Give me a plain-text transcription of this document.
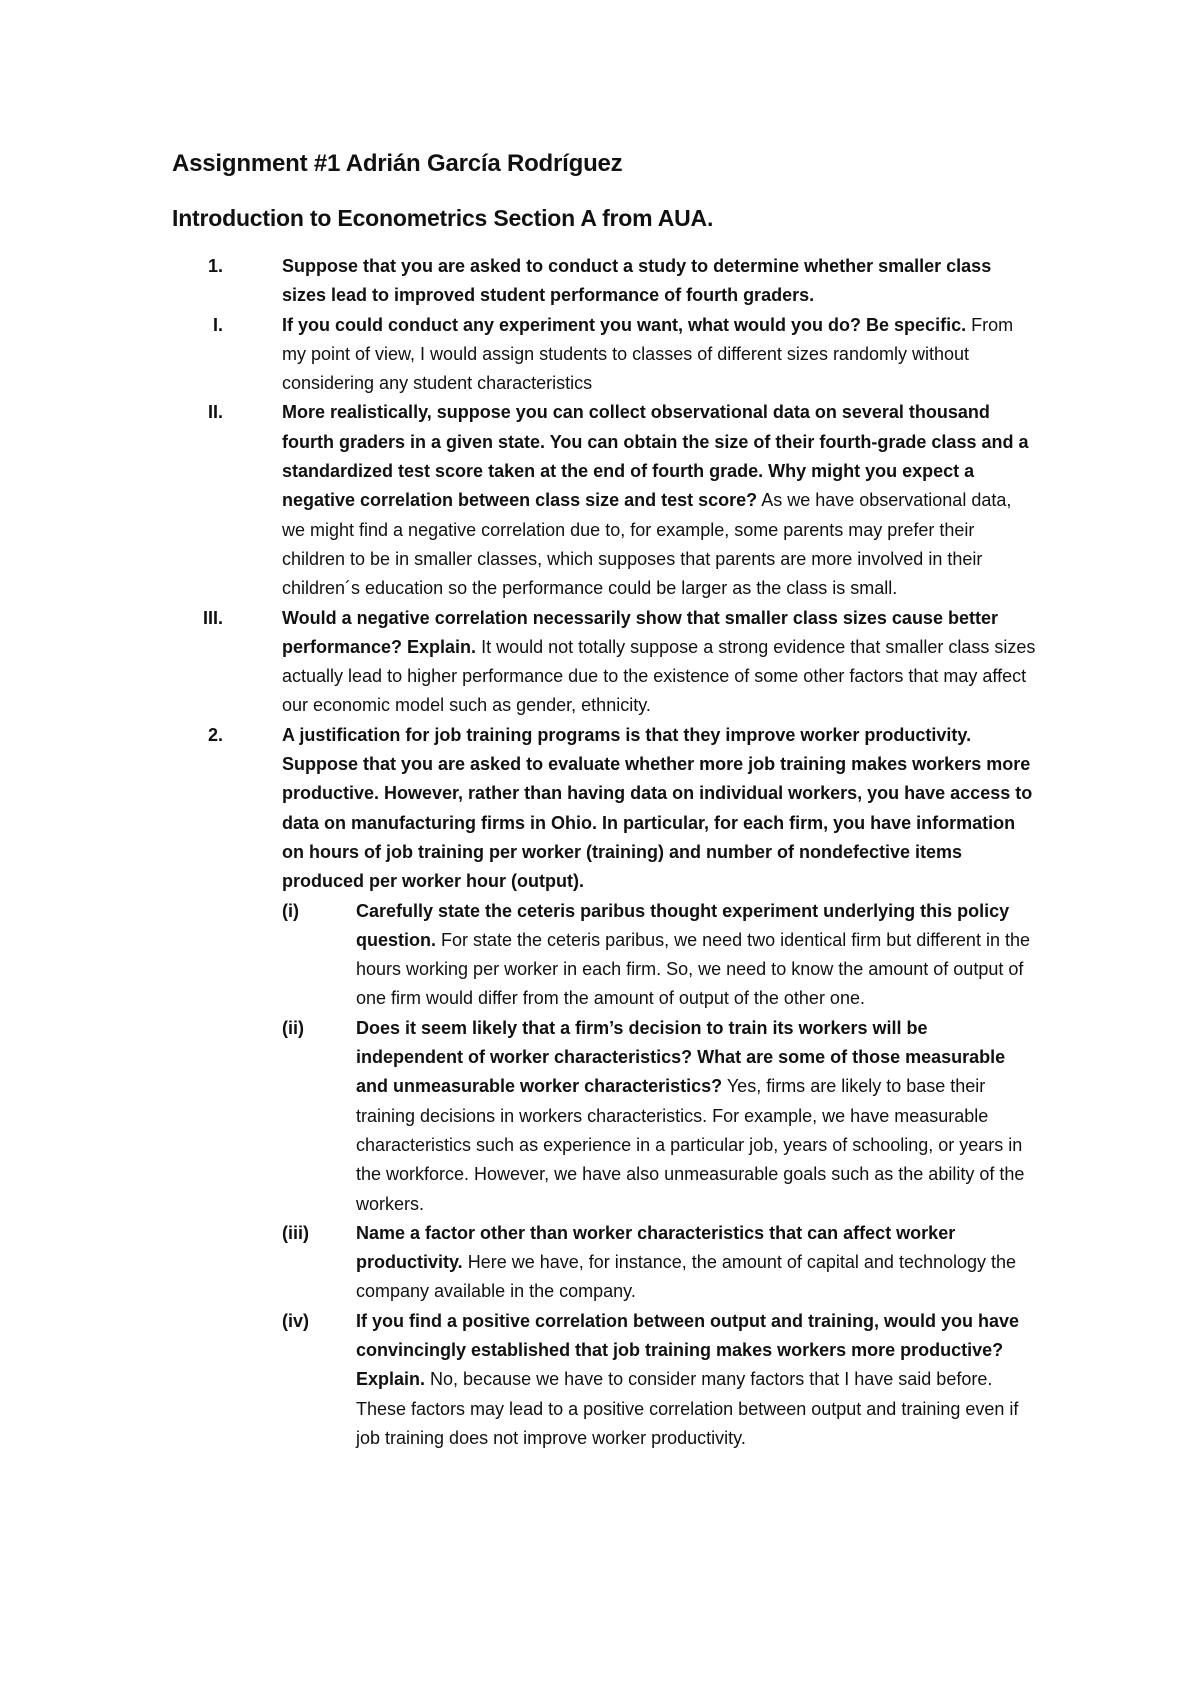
Assignment #1 Adrián García Rodríguez
Introduction to Econometrics Section A from AUA.
1.	Suppose that you are asked to conduct a study to determine whether smaller class sizes lead to improved student performance of fourth graders.
I.	If you could conduct any experiment you want, what would you do? Be specific. From my point of view, I would assign students to classes of different sizes randomly without considering any student characteristics
II.	More realistically, suppose you can collect observational data on several thousand fourth graders in a given state. You can obtain the size of their fourth-grade class and a standardized test score taken at the end of fourth grade. Why might you expect a negative correlation between class size and test score? As we have observational data, we might find a negative correlation due to, for example, some parents may prefer their children to be in smaller classes, which supposes that parents are more involved in their children´s education so the performance could be larger as the class is small.
III.	Would a negative correlation necessarily show that smaller class sizes cause better performance? Explain. It would not totally suppose a strong evidence that smaller class sizes actually lead to higher performance due to the existence of some other factors that may affect our economic model such as gender, ethnicity.
2.	A justification for job training programs is that they improve worker productivity. Suppose that you are asked to evaluate whether more job training makes workers more productive. However, rather than having data on individual workers, you have access to data on manufacturing firms in Ohio. In particular, for each firm, you have information on hours of job training per worker (training) and number of nondefective items produced per worker hour (output).
(i)	Carefully state the ceteris paribus thought experiment underlying this policy question. For state the ceteris paribus, we need two identical firm but different in the hours working per worker in each firm. So, we need to know the amount of output of one firm would differ from the amount of output of the other one.
(ii)	Does it seem likely that a firm’s decision to train its workers will be independent of worker characteristics? What are some of those measurable and unmeasurable worker characteristics? Yes, firms are likely to base their training decisions in workers characteristics. For example, we have measurable characteristics such as experience in a particular job, years of schooling, or years in the workforce. However, we have also unmeasurable goals such as the ability of the workers.
(iii)	Name a factor other than worker characteristics that can affect worker productivity. Here we have, for instance, the amount of capital and technology the company available in the company.
(iv)	If you find a positive correlation between output and training, would you have convincingly established that job training makes workers more productive? Explain. No, because we have to consider many factors that I have said before. These factors may lead to a positive correlation between output and training even if job training does not improve worker productivity.
